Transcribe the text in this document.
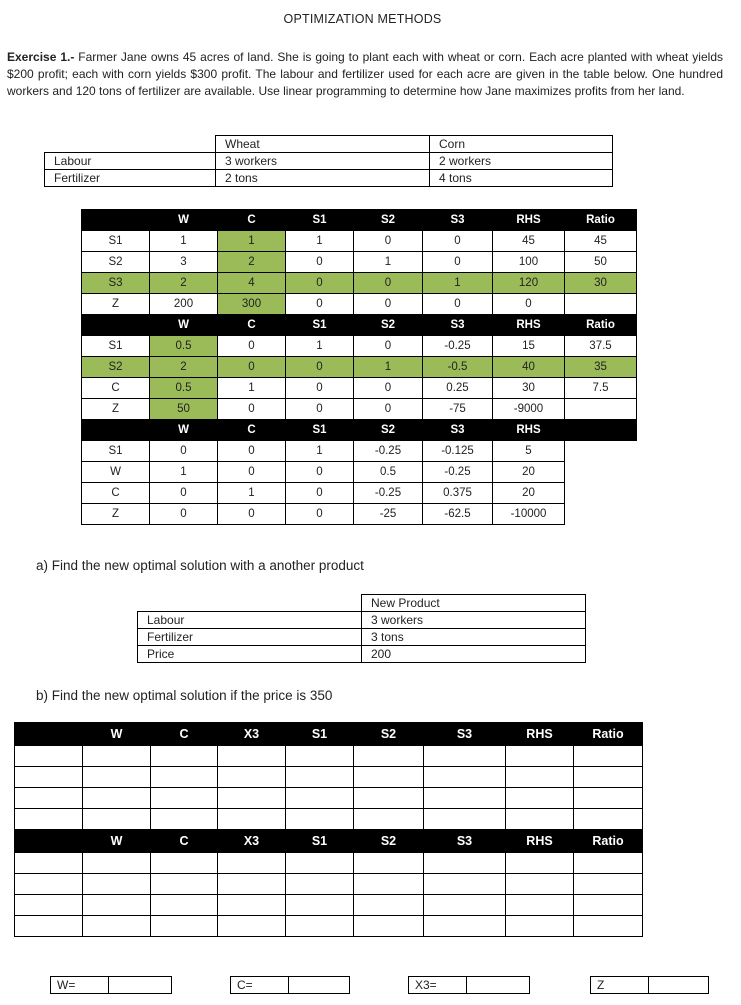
OPTIMIZATION METHODS
Exercise 1.- Farmer Jane owns 45 acres of land. She is going to plant each with wheat or corn. Each acre planted with wheat yields $200 profit; each with corn yields $300 profit. The labour and fertilizer used for each acre are given in the table below. One hundred workers and 120 tons of fertilizer are available. Use linear programming to determine how Jane maximizes profits from her land.
	Wheat	Corn
Labour	3 workers	2 workers
Fertilizer	2 tons	4 tons
	W	C	S1	S2	S3	RHS	Ratio
S1	1	1	1	0	0	45	45
S2	3	2	0	1	0	100	50
S3	2	4	0	0	1	120	30
Z	200	300	0	0	0	0	
	W	C	S1	S2	S3	RHS	Ratio
S1	0.5	0	1	0	-0.25	15	37.5
S2	2	0	0	1	-0.5	40	35
C	0.5	1	0	0	0.25	30	7.5
Z	50	0	0	0	-75	-9000	
	W	C	S1	S2	S3	RHS	
S1	0	0	1	-0.25	-0.125	5	
W	1	0	0	0.5	-0.25	20	
C	0	1	0	-0.25	0.375	20	
Z	0	0	0	-25	-62.5	-10000	
a) Find the new optimal solution with a another product
	New Product
Labour	3 workers
Fertilizer	3 tons
Price	200
b) Find the new optimal solution if the price is 350
	W	C	X3	S1	S2	S3	RHS	Ratio

	W	C	X3	S1	S2	S3	RHS	Ratio

W=	C=	X3=	Z
